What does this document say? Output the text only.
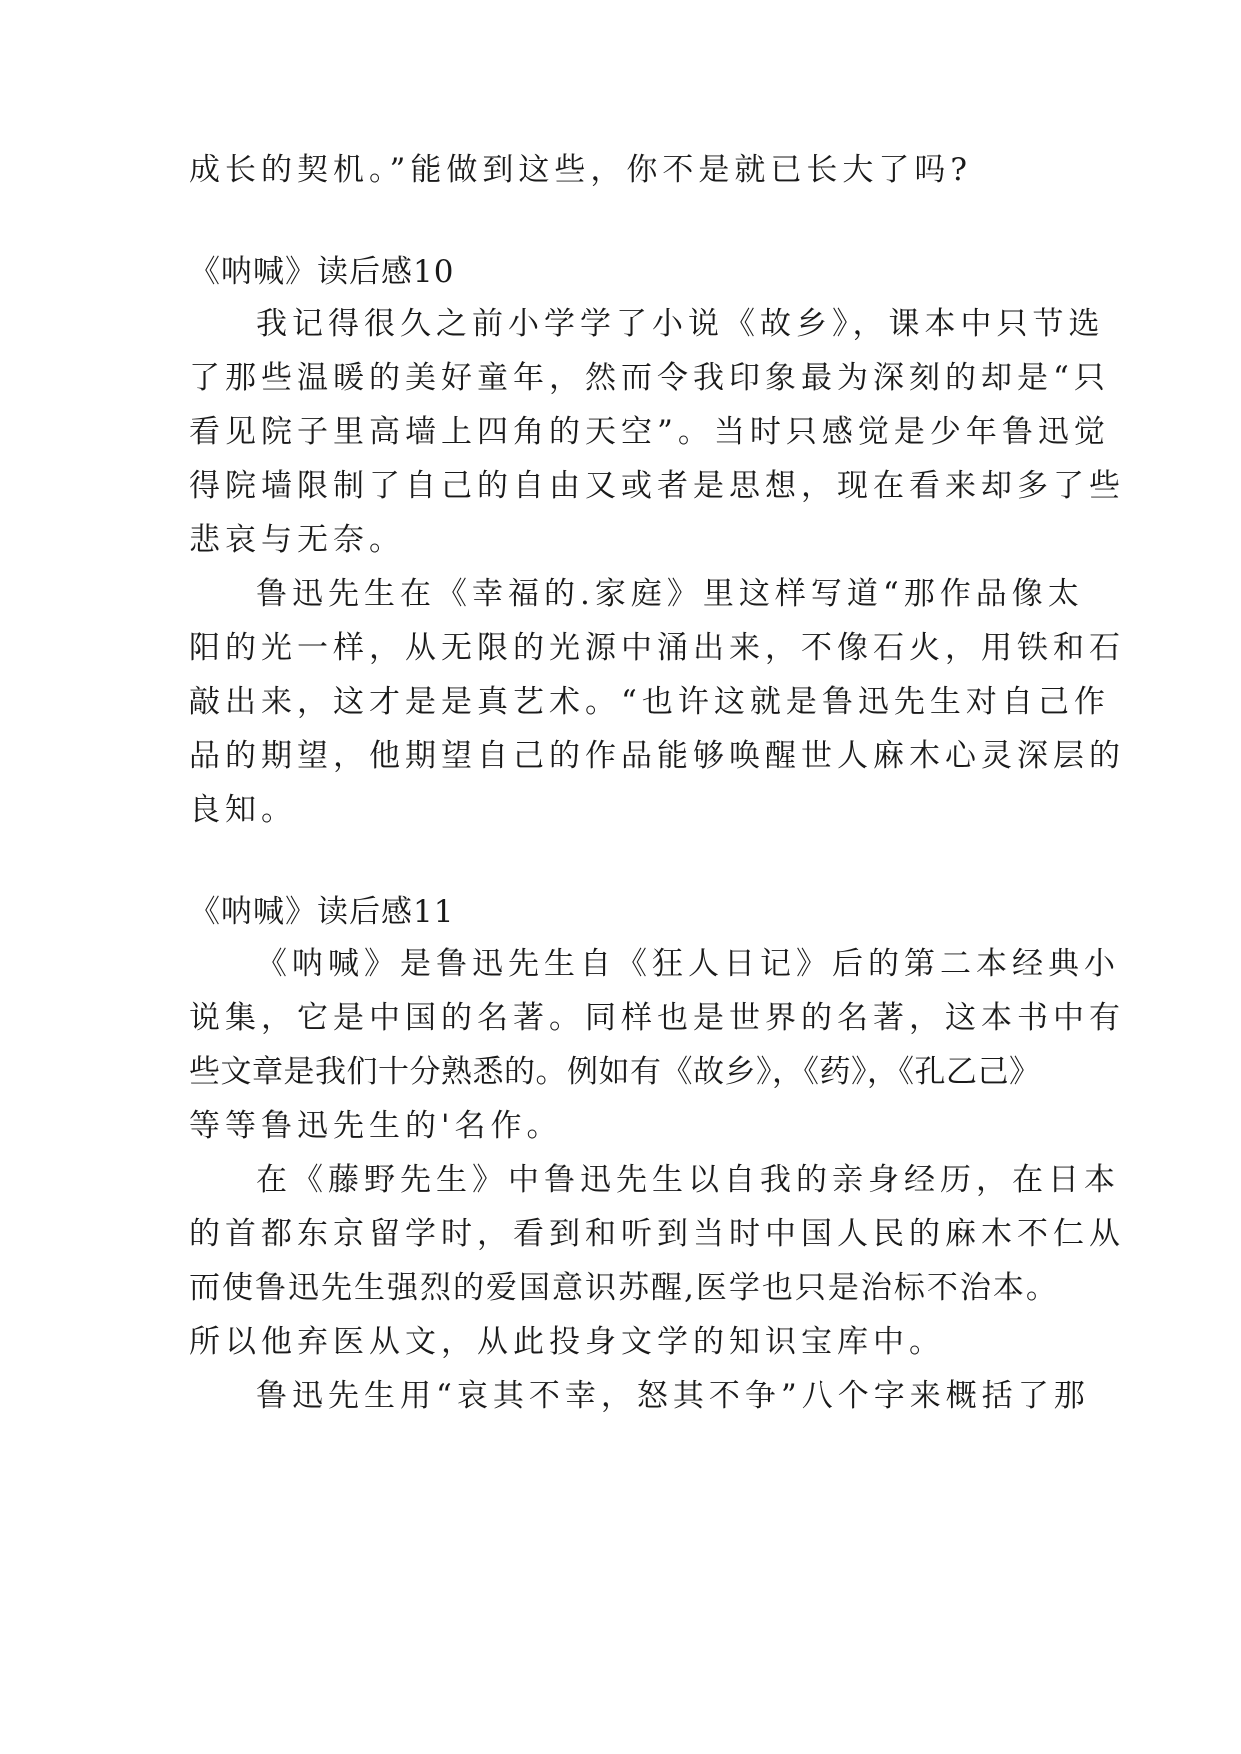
成长的契机。”能做到这些，你不是就已长大了吗?
《呐喊》读后感10
我记得很久之前小学学了小说《故乡》，课本中只节选
了那些温暖的美好童年，然而令我印象最为深刻的却是“只
看见院子里高墙上四角的天空”。当时只感觉是少年鲁迅觉
得院墙限制了自己的自由又或者是思想，现在看来却多了些
悲哀与无奈。
鲁迅先生在《幸福的.家庭》里这样写道“那作品像太
阳的光一样，从无限的光源中涌出来，不像石火，用铁和石
敲出来，这才是是真艺术。“也许这就是鲁迅先生对自己作
品的期望，他期望自己的作品能够唤醒世人麻木心灵深层的
良知。
《呐喊》读后感11
《呐喊》是鲁迅先生自《狂人日记》后的第二本经典小
说集，它是中国的名著。同样也是世界的名著，这本书中有
些文章是我们十分熟悉的。例如有《故乡》，《药》，《孔乙己》
等等鲁迅先生的'名作。
在《藤野先生》中鲁迅先生以自我的亲身经历，在日本
的首都东京留学时，看到和听到当时中国人民的麻木不仁从
而使鲁迅先生强烈的爱国意识苏醒,医学也只是治标不治本。
所以他弃医从文，从此投身文学的知识宝库中。
鲁迅先生用“哀其不幸，怒其不争”八个字来概括了那
